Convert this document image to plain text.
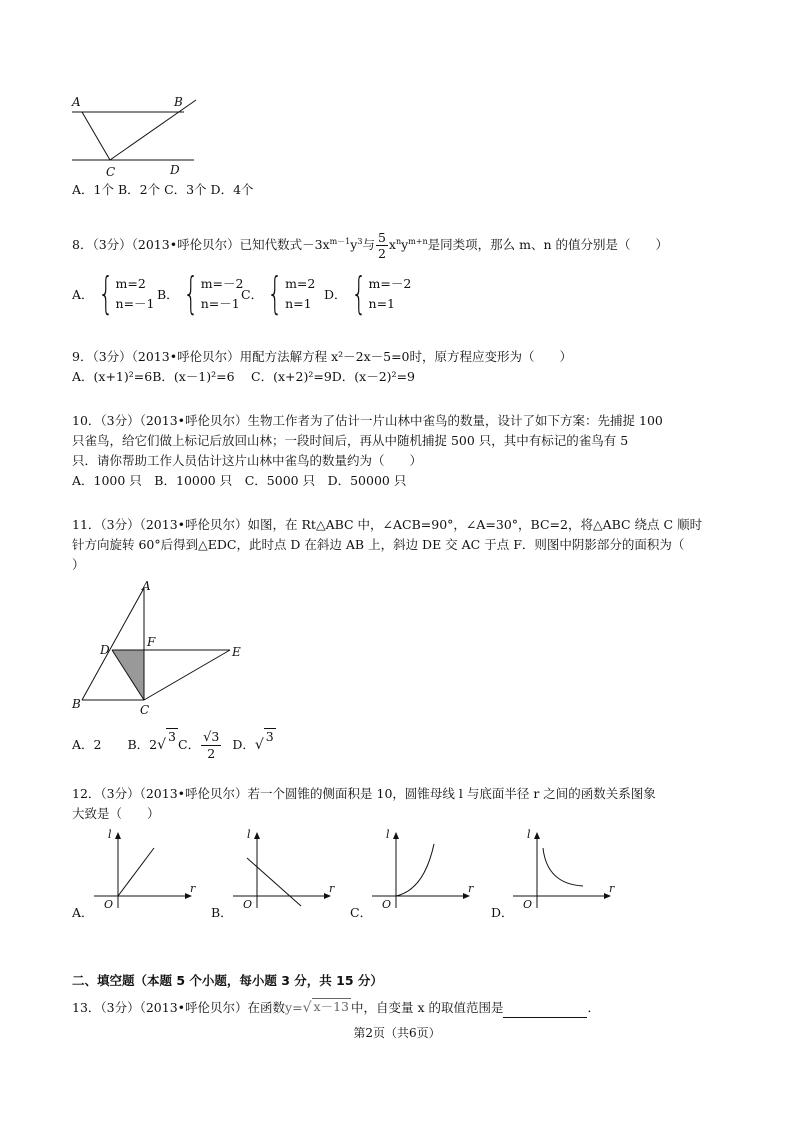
A	B
C	D
A．1个 B．2个 C．3个 D．4个
8．（3分）（2013•呼伦贝尔）已知代数式$-3x^{m-1}y^3$与 $\frac{5}{2} x^ny^{m+n}$是同类项，那么 m、n 的值分别是（　　）
A． { m=2
n=－1
B． { m=－2
n=－1
C． { m=2
n=1
D． { m=－2
n=1
9．（3分）（2013•呼伦贝尔）用配方法解方程 x²－2x－5=0时，原方程应变形为（　　）
A．(x+1)²=6B．(x－1)²=6　 C．(x+2)²=9D．(x－2)²=9
10．（3分）（2013•呼伦贝尔）生物工作者为了估计一片山林中雀鸟的数量，设计了如下方案：先捕捉 100
只雀鸟，给它们做上标记后放回山林；一段时间后，再从中随机捕捉 500 只，其中有标记的雀鸟有 5
只．请你帮助工作人员估计这片山林中雀鸟的数量约为（　　）
A．1000 只　B．10000 只　C．5000 只　D．50000 只
11．（3分）（2013•呼伦贝尔）如图，在 Rt△ABC 中，∠ACB=90°，∠A=30°，BC=2，将△ABC 绕点 C 顺时
针方向旋转 60°后得到△EDC，此时点 D 在斜边 AB 上，斜边 DE 交 AC 于点 F．则图中阴影部分的面积为（
）
A
D
F
E
B	C
A．2 B． 2 √
3
C． $\frac{√ 3}{2}$ D． √
3
12．（3分）（2013•呼伦贝尔）若一个圆锥的侧面积是 10，圆锥母线 l 与底面半径 r 之间的函数关系图象
大致是（　　）
l
r
O
A．
l
r
O
B．
l
r
O
C．
l
r
O
D．
二、填空题（本题 5 个小题，每小题 3 分，共 15 分）
13．（3分）（2013•呼伦贝尔）在函数 y= √ x－13 中，自变量 x 的取值范围是	．
第2页（共6页）
